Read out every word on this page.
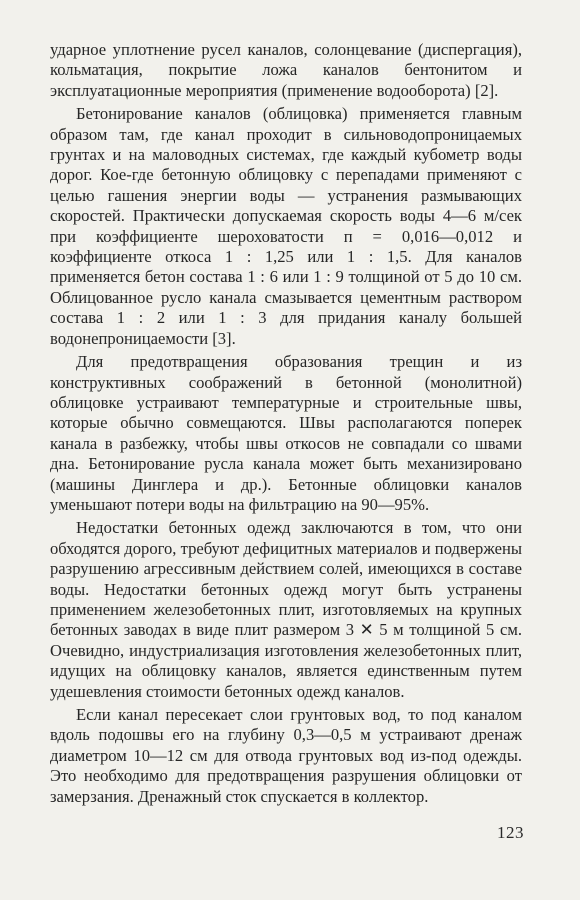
ударное уплотнение русел каналов, солонцевание (диспергация), кольматация, покрытие ложа каналов бентонитом и эксплуатационные мероприятия (применение водооборота) [2].

Бетонирование каналов (облицовка) применяется главным образом там, где канал проходит в сильноводопроницаемых грунтах и на маловодных системах, где каждый кубометр воды дорог. Кое-где бетонную облицовку с перепадами применяют с целью гашения энергии воды — устранения размывающих скоростей. Практически допускаемая скорость воды 4—6 м/сек при коэффициенте шероховатости п = 0,016—0,012 и коэффициенте откоса 1 : 1,25 или 1 : 1,5. Для каналов применяется бетон состава 1 : 6 или 1 : 9 толщиной от 5 до 10 см. Облицованное русло канала смазывается цементным раствором состава 1 : 2 или 1 : 3 для придания каналу большей водонепроницаемости [3].

Для предотвращения образования трещин и из конструктивных соображений в бетонной (монолитной) облицовке устраивают температурные и строительные швы, которые обычно совмещаются. Швы располагаются поперек канала в разбежку, чтобы швы откосов не совпадали со швами дна. Бетонирование русла канала может быть механизировано (машины Динглера и др.). Бетонные облицовки каналов уменьшают потери воды на фильтрацию на 90—95%.

Недостатки бетонных одежд заключаются в том, что они обходятся дорого, требуют дефицитных материалов и подвержены разрушению агрессивным действием солей, имеющихся в составе воды. Недостатки бетонных одежд могут быть устранены применением железобетонных плит, изготовляемых на крупных бетонных заводах в виде плит размером 3 ✕ 5 м толщиной 5 см. Очевидно, индустриализация изготовления железобетонных плит, идущих на облицовку каналов, является единственным путем удешевления стоимости бетонных одежд каналов.

Если канал пересекает слои грунтовых вод, то под каналом вдоль подошвы его на глубину 0,3—0,5 м устраивают дренаж диаметром 10—12 см для отвода грунтовых вод из-под одежды. Это необходимо для предотвращения разрушения облицовки от замерзания. Дренажный сток спускается в коллектор.

123
